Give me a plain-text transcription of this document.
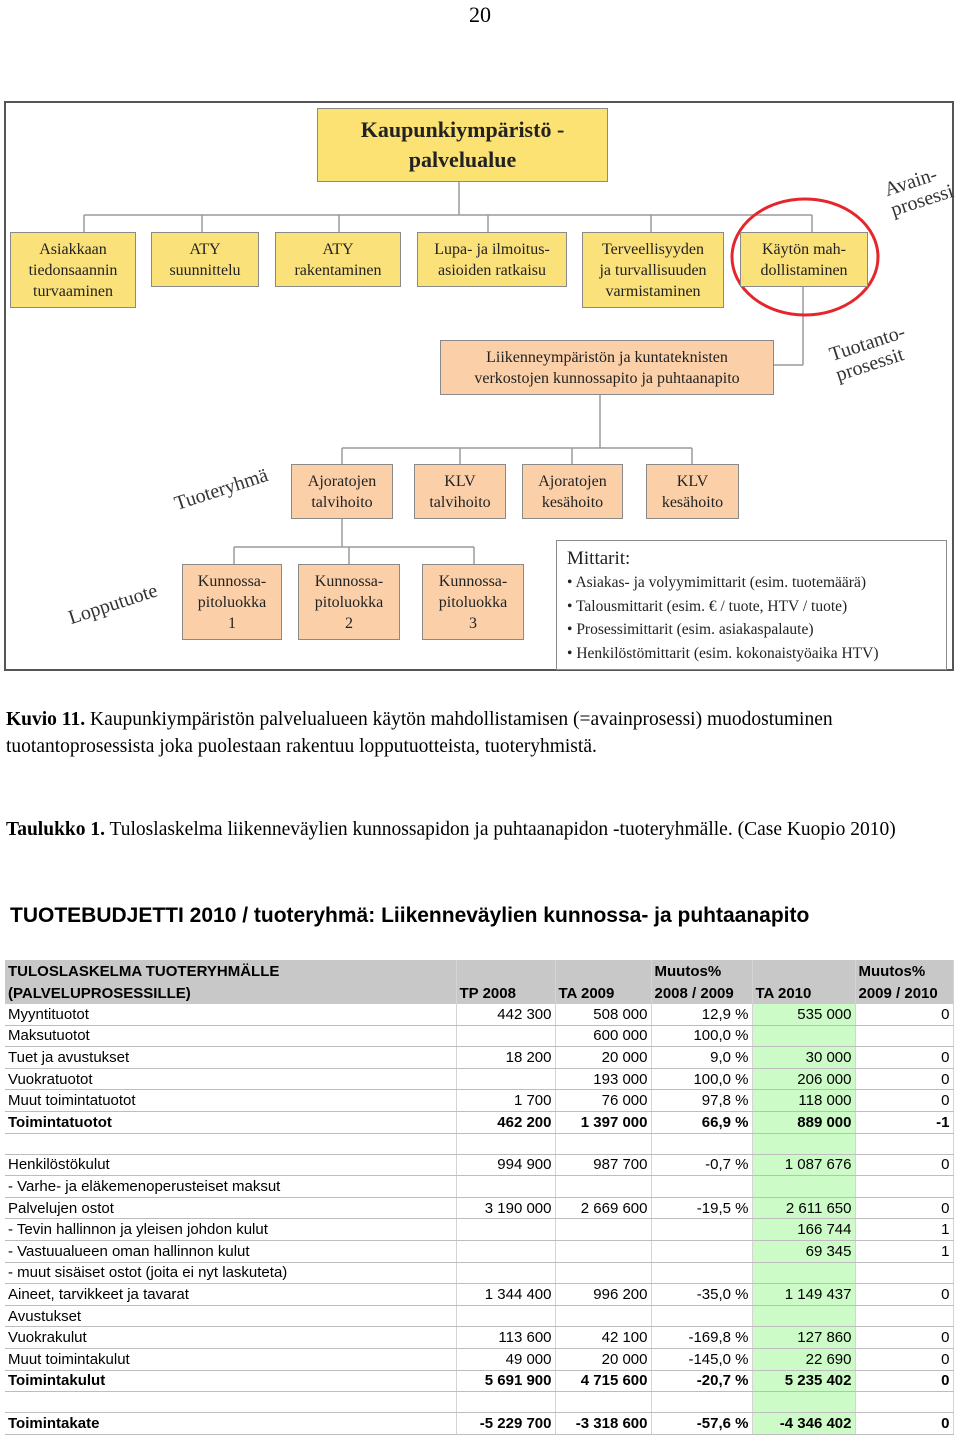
20
Kaupunkiympäristö -
palvelualue
Asiakkaan
tiedonsaannin
turvaaminen
ATY
suunnittelu
ATY
rakentaminen
Lupa- ja ilmoitus-
asioiden ratkaisu
Terveellisyyden
ja turvallisuuden
varmistaminen
Käytön mah-
dollistaminen
Avain-
prosessi
Liikenneympäristön ja kuntateknisten
verkostojen kunnossapito ja puhtaanapito
Tuotanto-
prosessit
Tuoteryhmä	Ajoratojen
talvihoito
KLV
talvihoito
Ajoratojen
kesähoito
KLV
kesähoito
Lopputuote	Kunnossa-
pitoluokka
1
Kunnossa-
pitoluokka
2
Kunnossa-
pitoluokka
3
Mittarit:
• Asiakas- ja volyymimittarit (esim. tuotemäärä)
• Talousmittarit (esim. € / tuote, HTV / tuote)
• Prosessimittarit (esim. asiakaspalaute)
• Henkilöstömittarit (esim. kokonaistyöaika HTV)
Kuvio 11. Kaupunkiympäristön palvelualueen käytön mahdollistamisen (=avainprosessi) muodostuminen tuotantoprosessista joka puolestaan rakentuu lopputuotteista, tuoteryhmistä.
Taulukko 1. Tuloslaskelma liikenneväylien kunnossapidon ja puhtaanapidon -tuoteryhmälle. (Case Kuopio 2010)
TUOTEBUDJETTI 2010 / tuoteryhmä: Liikenneväylien kunnossa- ja puhtaanapito
TULOSLASKELMA TUOTERYHMÄLLE			Muutos%		Muutos%
(PALVELUPROSESSILLE)	TP 2008	TA 2009	2008 / 2009	TA 2010	2009 / 2010
Myyntituotot	442 300	508 000	12,9 %	535 000	0
Maksutuotot		600 000	100,0 %		
Tuet ja avustukset	18 200	20 000	9,0 %	30 000	0
Vuokratuotot		193 000	100,0 %	206 000	0
Muut toimintatuotot	1 700	76 000	97,8 %	118 000	0
Toimintatuotot	462 200	1 397 000	66,9 %	889 000	-1

Henkilöstökulut	994 900	987 700	-0,7 %	1 087 676	0
- Varhe- ja eläkemenoperusteiset maksut					
Palvelujen ostot	3 190 000	2 669 600	-19,5 %	2 611 650	0
- Tevin hallinnon ja yleisen johdon kulut				166 744	1
- Vastuualueen oman hallinnon kulut				69 345	1
- muut sisäiset ostot (joita ei nyt laskuteta)					
Aineet, tarvikkeet ja tavarat	1 344 400	996 200	-35,0 %	1 149 437	0
Avustukset					
Vuokrakulut	113 600	42 100	-169,8 %	127 860	0
Muut toimintakulut	49 000	20 000	-145,0 %	22 690	0
Toimintakulut	5 691 900	4 715 600	-20,7 %	5 235 402	0

Toimintakate	-5 229 700	-3 318 600	-57,6 %	-4 346 402	0
